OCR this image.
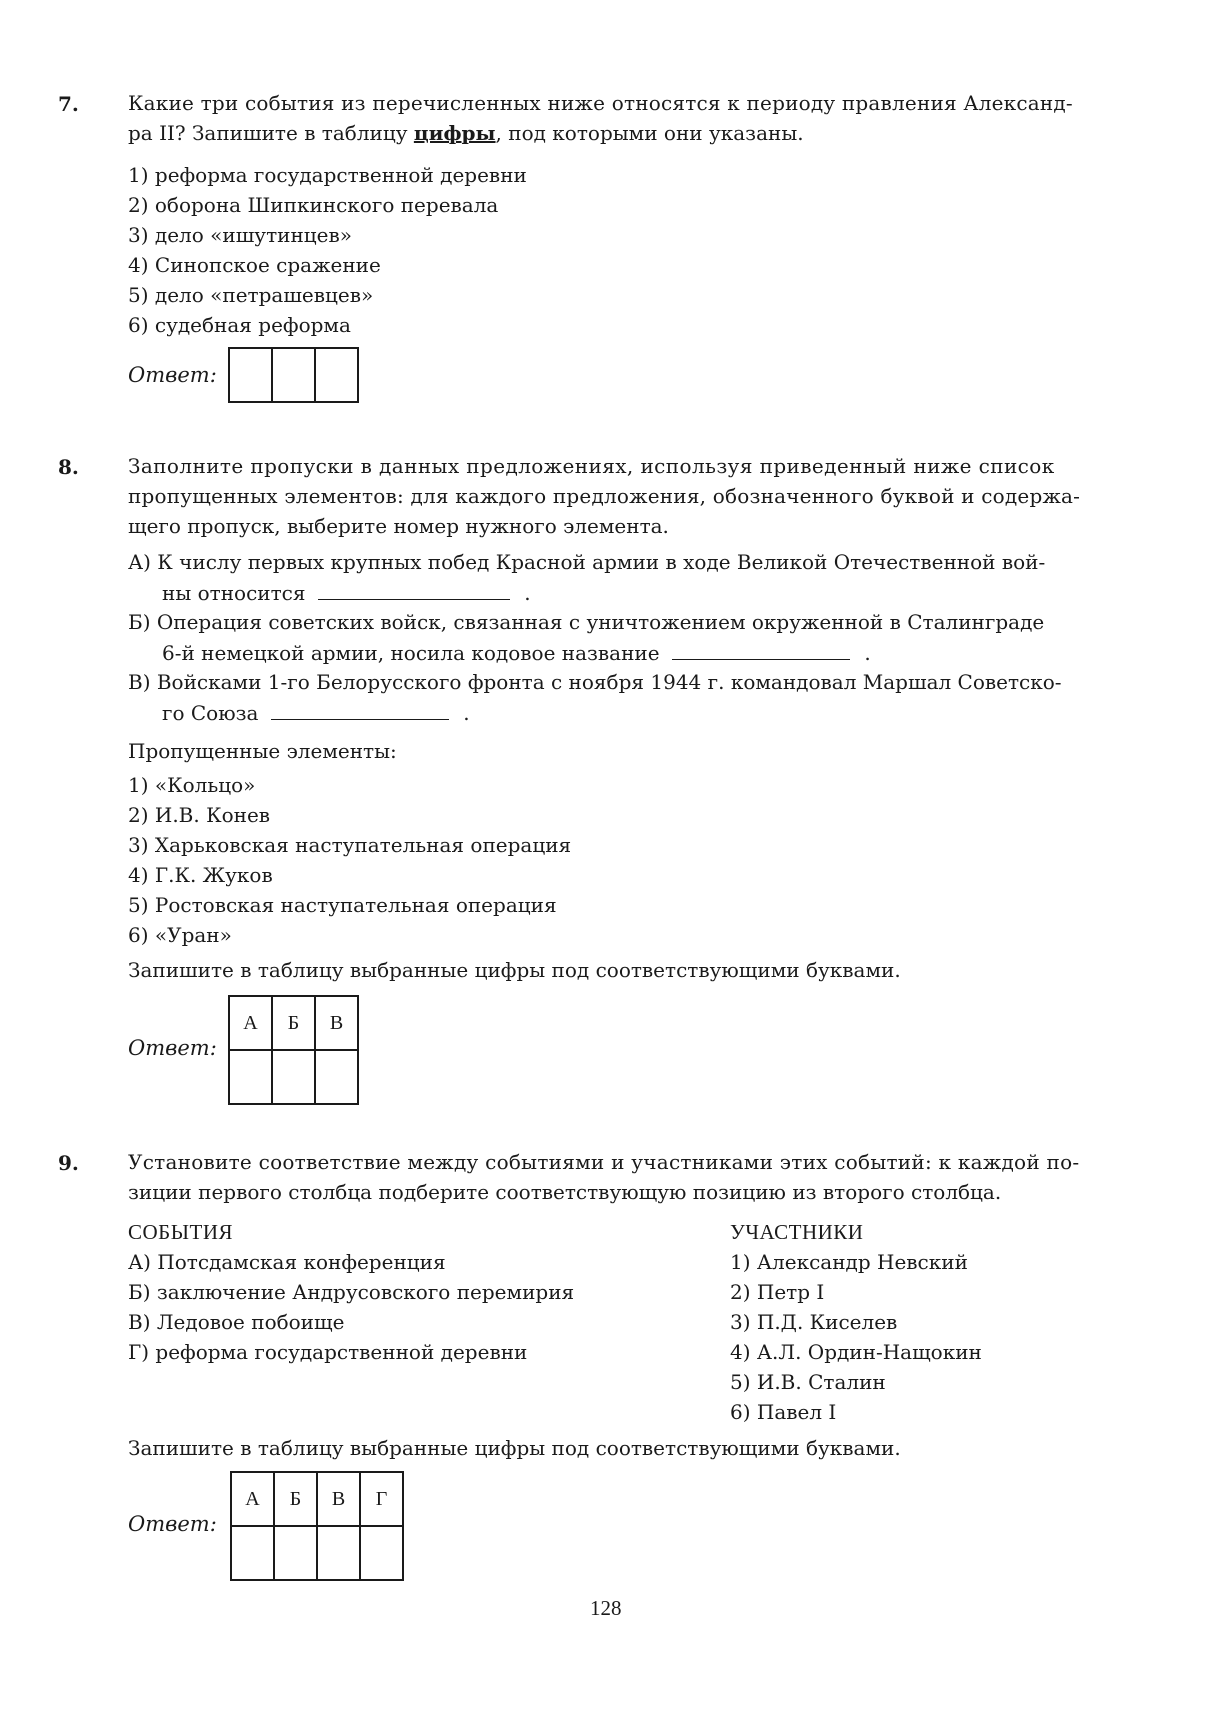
7. Какие три события из перечисленных ниже относятся к периоду правления Александ-
ра II? Запишите в таблицу цифры, под которыми они указаны.
1) реформа государственной деревни
2) оборона Шипкинского перевала
3) дело «ишутинцев»
4) Синопское сражение
5) дело «петрашевцев»
6) судебная реформа
Ответ:

8. Заполните пропуски в данных предложениях, используя приведенный ниже список
пропущенных элементов: для каждого предложения, обозначенного буквой и содержа-
щего пропуск, выберите номер нужного элемента.
А) К числу первых крупных побед Красной армии в ходе Великой Отечественной вой-
ны относится	.
Б) Операция советских войск, связанная с уничтожением окруженной в Сталинграде
6-й немецкой армии, носила кодовое название	.
В) Войсками 1-го Белорусского фронта с ноября 1944 г. командовал Маршал Советско-
го Союза	.
Пропущенные элементы:
1) «Кольцо»
2) И.В. Конев
3) Харьковская наступательная операция
4) Г.К. Жуков
5) Ростовская наступательная операция
6) «Уран»
Запишите в таблицу выбранные цифры под соответствующими буквами.
Ответ:
А	Б	В

9. Установите соответствие между событиями и участниками этих событий: к каждой по-
зиции первого столбца подберите соответствующую позицию из второго столбца.
СОБЫТИЯ
А) Потсдамская конференция
Б) заключение Андрусовского перемирия
В) Ледовое побоище
Г) реформа государственной деревни
УЧАСТНИКИ
1) Александр Невский
2) Петр I
3) П.Д. Киселев
4) А.Л. Ордин-Нащокин
5) И.В. Сталин
6) Павел I
Запишите в таблицу выбранные цифры под соответствующими буквами.
Ответ:
А	Б	В	Г

128
